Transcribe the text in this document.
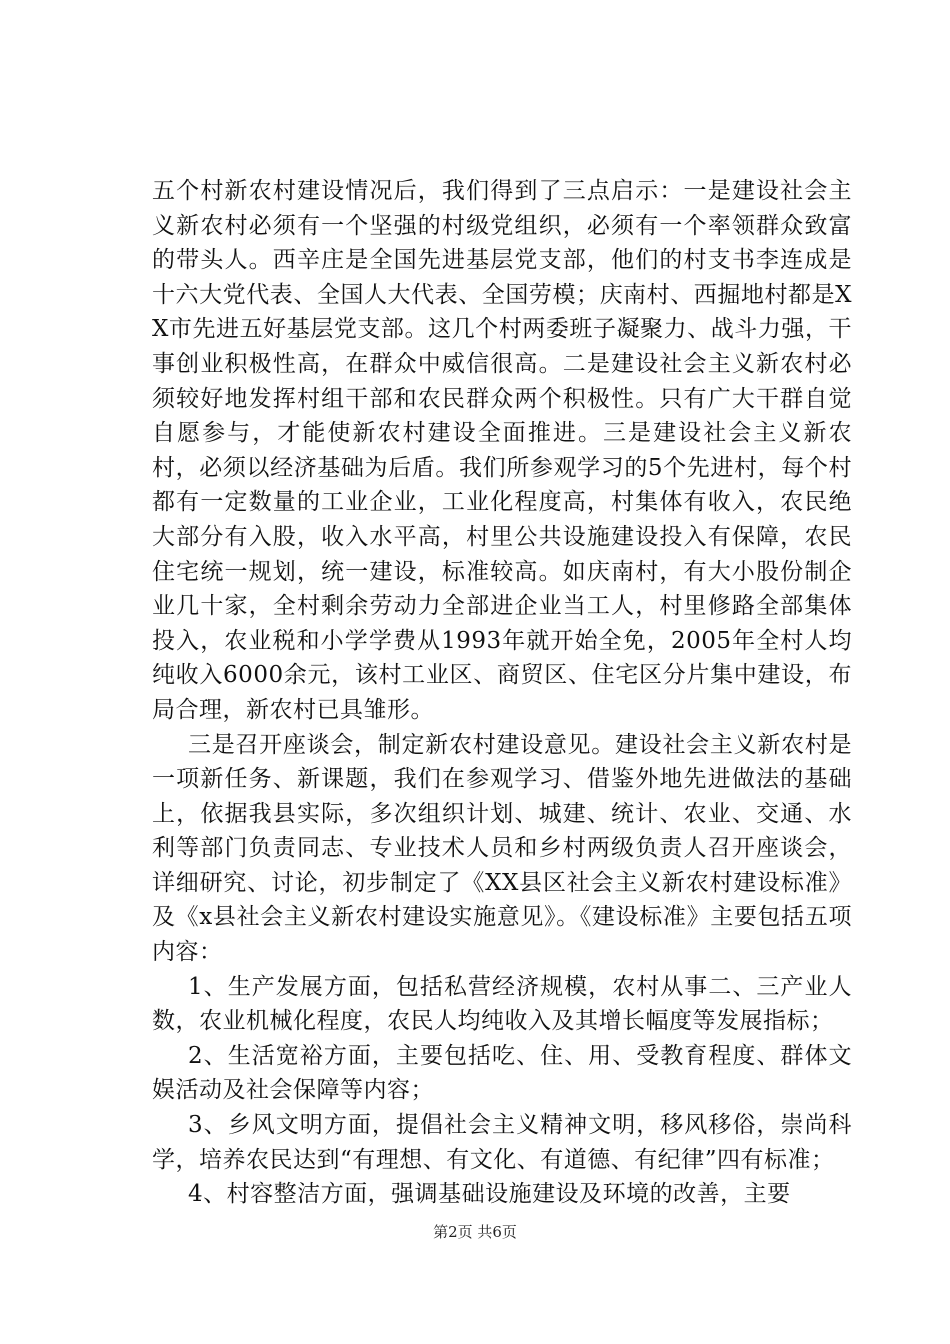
五个村新农村建设情况后，我们得到了三点启示：一是建设社会主义新农村必须有一个坚强的村级党组织，必须有一个率领群众致富的带头人。西辛庄是全国先进基层党支部，他们的村支书李连成是十六大党代表、全国人大代表、全国劳模；庆南村、西掘地村都是XX市先进五好基层党支部。这几个村两委班子凝聚力、战斗力强，干事创业积极性高，在群众中威信很高。二是建设社会主义新农村必须较好地发挥村组干部和农民群众两个积极性。只有广大干群自觉自愿参与，才能使新农村建设全面推进。三是建设社会主义新农村，必须以经济基础为后盾。我们所参观学习的5个先进村，每个村都有一定数量的工业企业，工业化程度高，村集体有收入，农民绝大部分有入股，收入水平高，村里公共设施建设投入有保障，农民住宅统一规划，统一建设，标准较高。如庆南村，有大小股份制企业几十家，全村剩余劳动力全部进企业当工人，村里修路全部集体投入，农业税和小学学费从1993年就开始全免，2005年全村人均纯收入6000余元，该村工业区、商贸区、住宅区分片集中建设，布局合理，新农村已具雏形。

三是召开座谈会，制定新农村建设意见。建设社会主义新农村是一项新任务、新课题，我们在参观学习、借鉴外地先进做法的基础上，依据我县实际，多次组织计划、城建、统计、农业、交通、水利等部门负责同志、专业技术人员和乡村两级负责人召开座谈会，详细研究、讨论，初步制定了《XX县区社会主义新农村建设标准》及《x县社会主义新农村建设实施意见》。《建设标准》主要包括五项内容：

1、生产发展方面，包括私营经济规模，农村从事二、三产业人数，农业机械化程度，农民人均纯收入及其增长幅度等发展指标；

2、生活宽裕方面，主要包括吃、住、用、受教育程度、群体文娱活动及社会保障等内容；

3、乡风文明方面，提倡社会主义精神文明，移风移俗，崇尚科学，培养农民达到“有理想、有文化、有道德、有纪律”四有标准；

4、村容整洁方面，强调基础设施建设及环境的改善，主要

第2页 共6页
